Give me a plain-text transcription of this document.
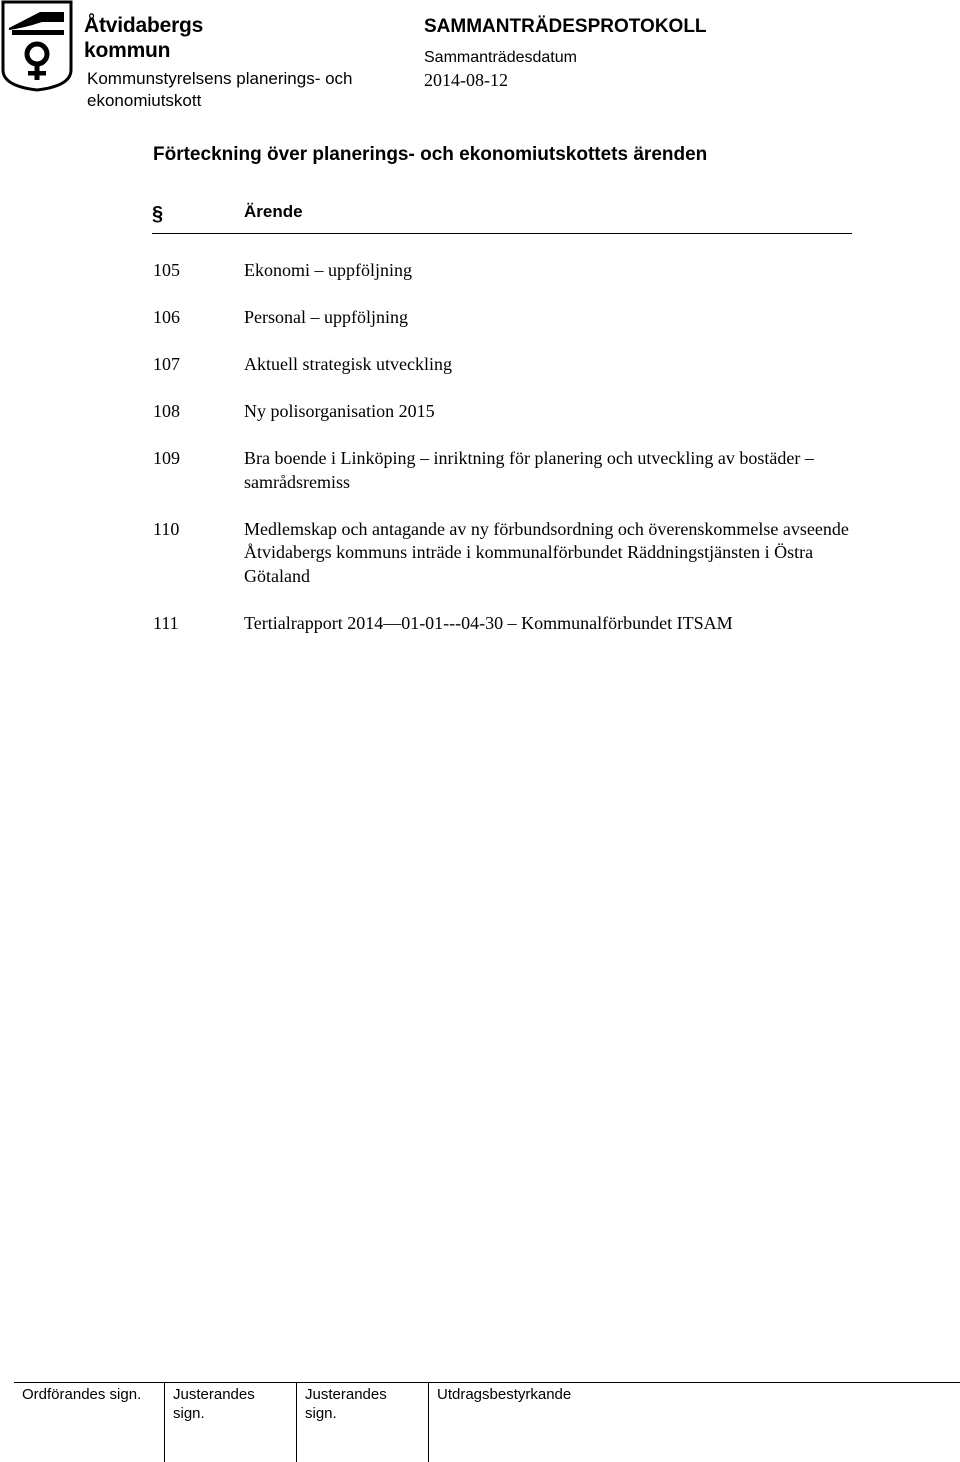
Åtvidabergs
kommun
Kommunstyrelsens planerings- och
ekonomiutskott
SAMMANTRÄDESPROTOKOLL
Sammanträdesdatum
2014-08-12
Förteckning över planerings- och ekonomiutskottets ärenden
§	Ärende
105	Ekonomi – uppföljning
106	Personal – uppföljning
107	Aktuell strategisk utveckling
108	Ny polisorganisation 2015
109	Bra boende i Linköping – inriktning för planering och utveckling av bostäder – samrådsremiss
110	Medlemskap och antagande av ny förbundsordning och överenskommelse avseende Åtvidabergs kommuns inträde i kommunalförbundet Räddningstjänsten i Östra Götaland
111	Tertialrapport 2014—01-01---04-30 – Kommunalförbundet ITSAM
Ordförandes sign.	Justerandes sign.
Justerandes sign.
Utdragsbestyrkande
